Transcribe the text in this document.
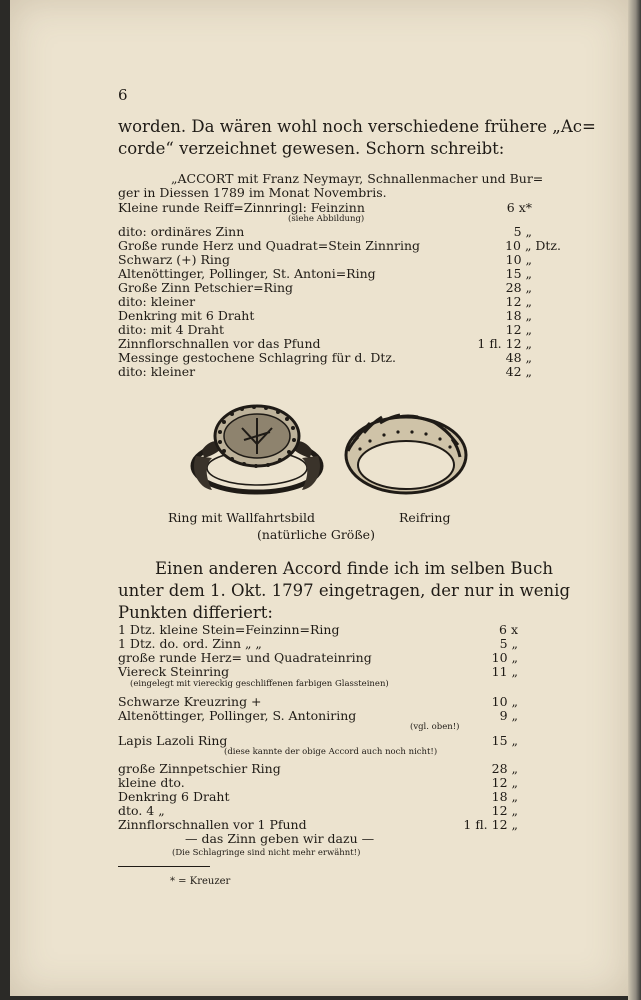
6
worden. Da wären wohl noch verschiedene frühere „Ac=
corde“ verzeichnet gewesen. Schorn schreibt:
„ACCORT mit Franz Neymayr, Schnallenmacher und Bur=
ger in Diessen 1789 im Monat Novembris.
Kleine runde Reiff=Zinnringl: Feinzinn	6 x*
(siehe Abbildung)
dito: ordinäres Zinn	5 „
Große runde Herz und Quadrat=Stein Zinnring	10 „ Dtz.
Schwarz (+) Ring	10 „
Altenöttinger, Pollinger, St. Antoni=Ring	15 „
Große Zinn Petschier=Ring	28 „
dito: kleiner	12 „
Denkring mit 6 Draht	18 „
dito: mit 4 Draht	12 „
Zinnflorschnallen vor das Pfund	1 fl. 12 „
Messinge gestochene Schlagring für d. Dtz.	48 „
dito: kleiner	42 „
Ring mit Wallfahrtsbild	Reifring
(natürliche Größe)
Einen anderen Accord finde ich im selben Buch
unter dem 1. Okt. 1797 eingetragen, der nur in wenig
Punkten differiert:
1 Dtz. kleine Stein=Feinzinn=Ring	6 x
1 Dtz. do. ord. Zinn „ „	5 „
große runde Herz= und Quadrateinring	10 „
Viereck Steinring	11 „
(eingelegt mit viereckig geschliffenen farbigen Glassteinen)
Schwarze Kreuzring +	10 „
Altenöttinger, Pollinger, S. Antoniring	9 „
(vgl. oben!)
Lapis Lazoli Ring	15 „
(diese kannte der obige Accord auch noch nicht!)
große Zinnpetschier Ring	28 „
kleine dto.	12 „
Denkring 6 Draht	18 „
dto. 4 „	12 „
Zinnflorschnallen vor 1 Pfund	1 fl. 12 „
— das Zinn geben wir dazu —
(Die Schlagringe sind nicht mehr erwähnt!)
* = Kreuzer
